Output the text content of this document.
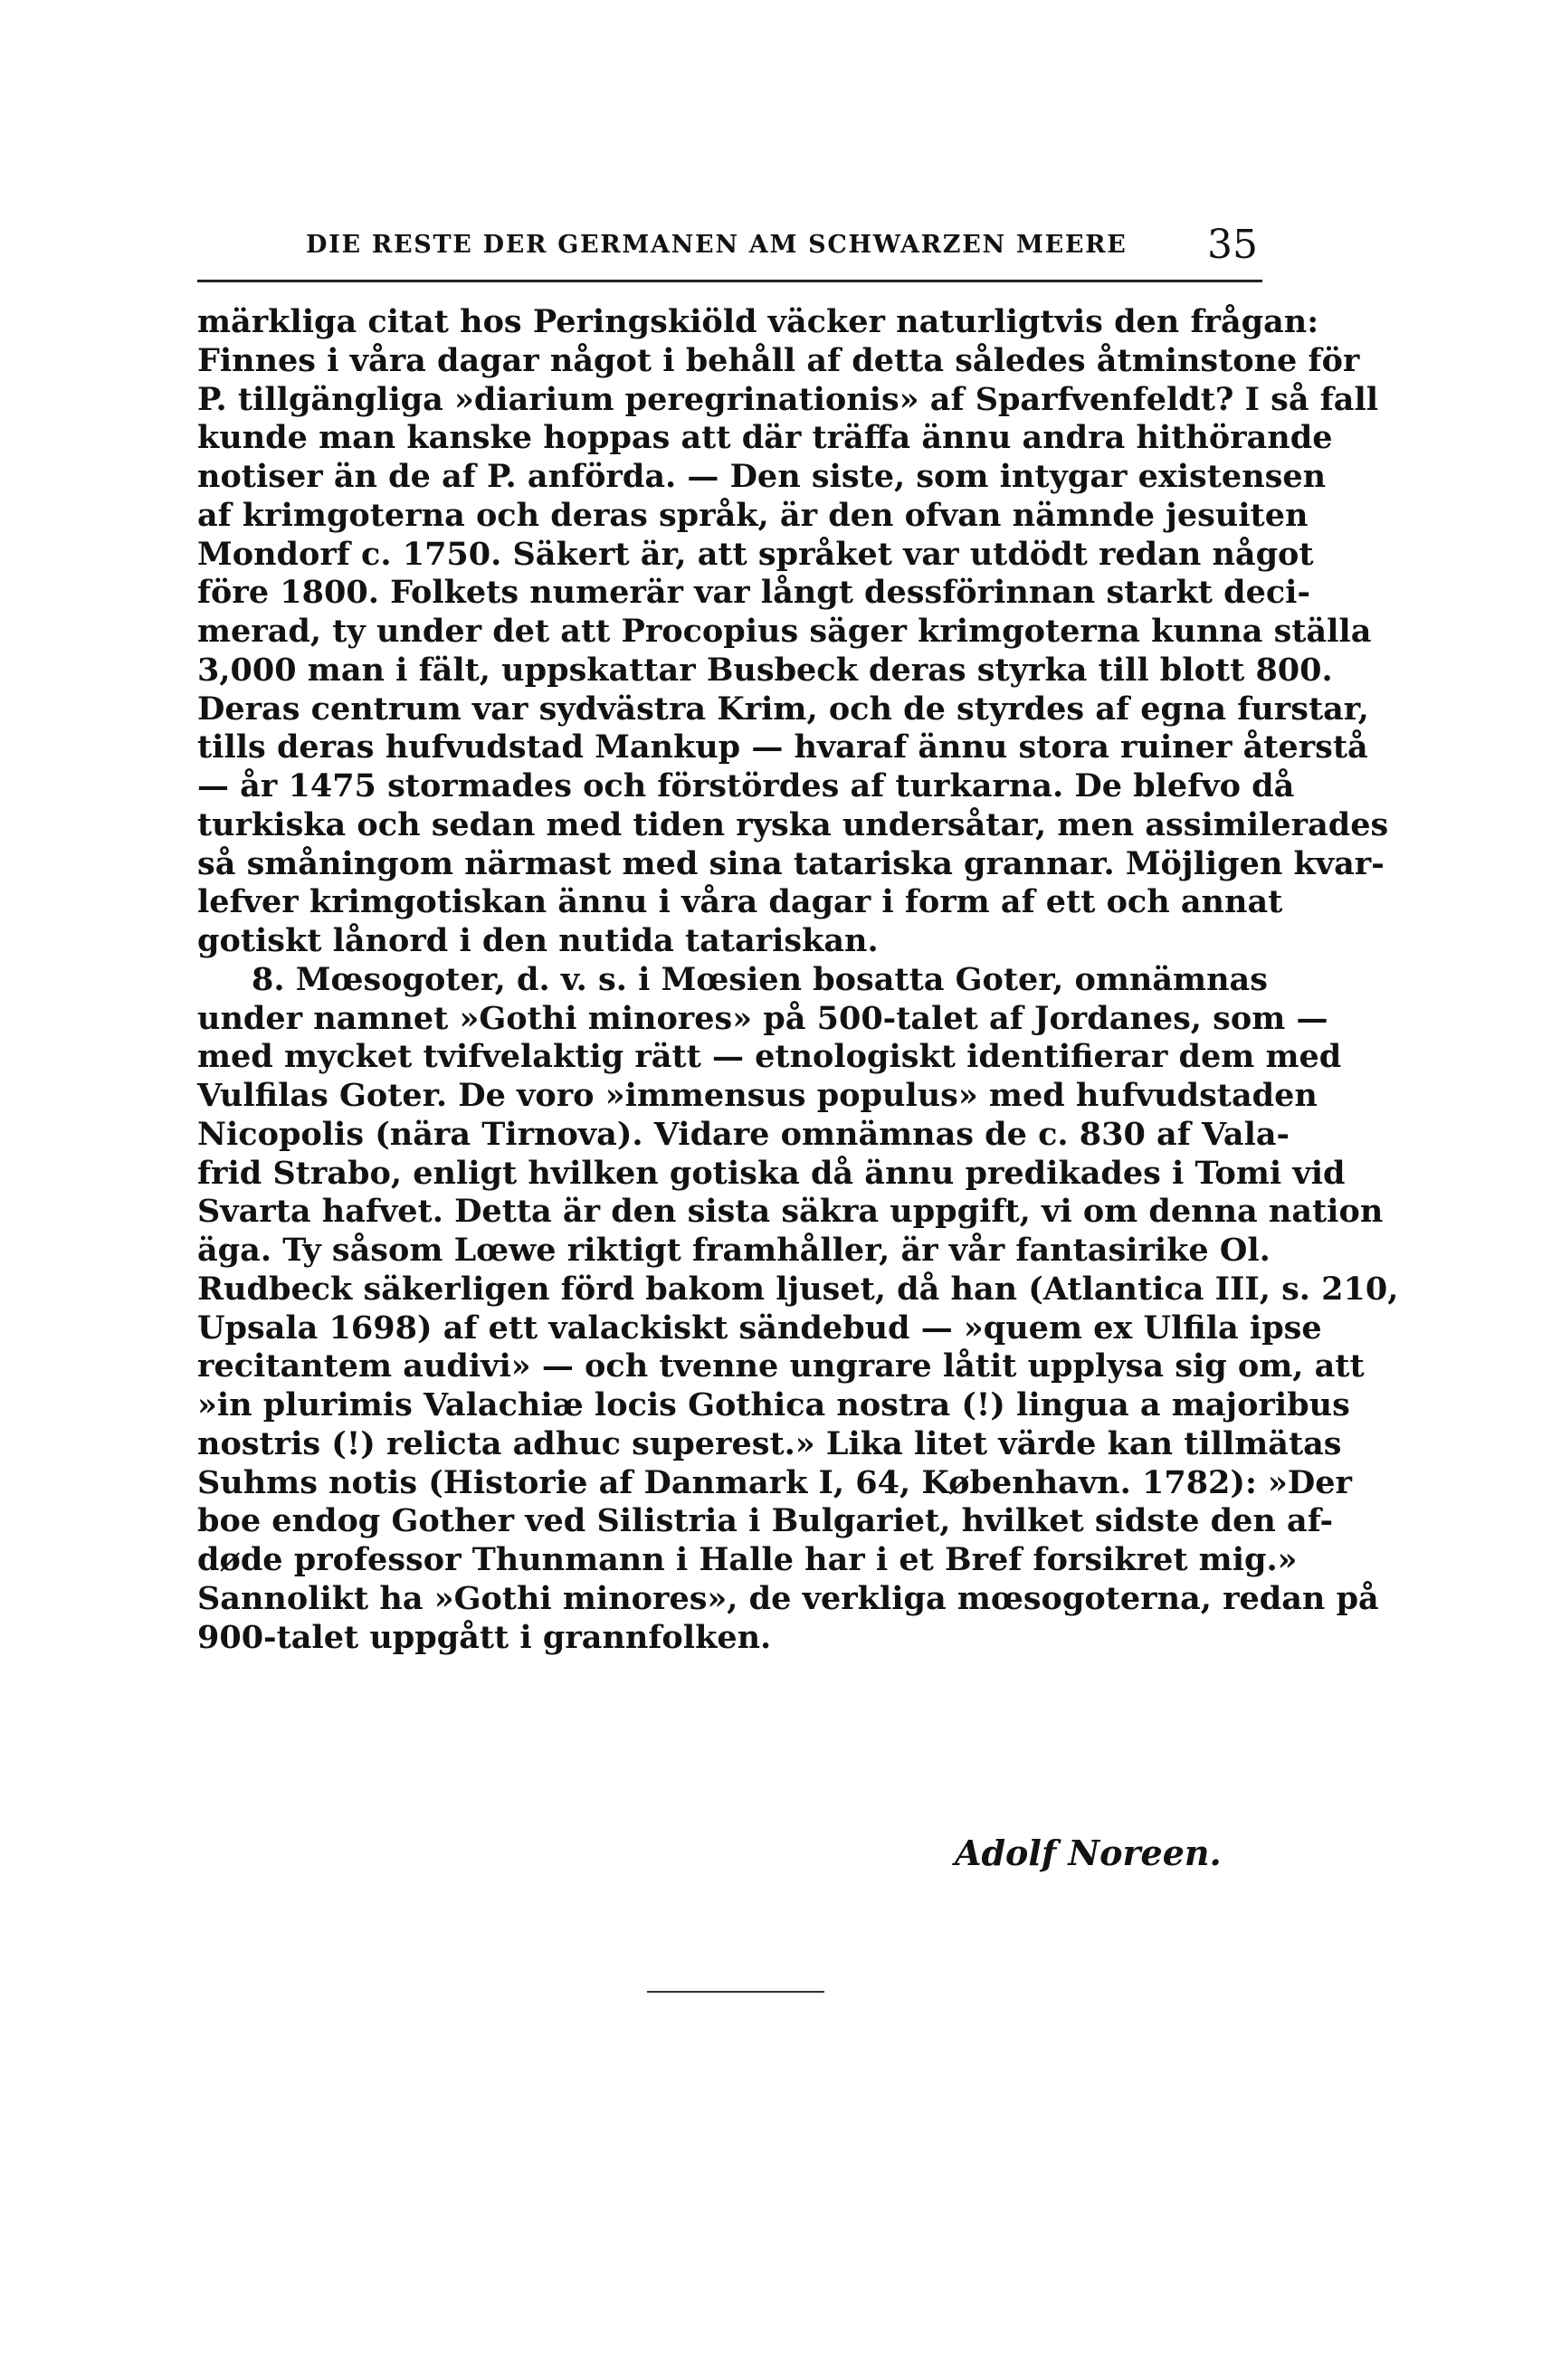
DIE RESTE DER GERMANEN AM SCHWARZEN MEERE 35
märkliga citat hos Peringskiöld väcker naturligtvis den frågan:
Finnes i våra dagar något i behåll af detta således åtminstone för
P. tillgängliga »diarium peregrinationis» af Sparfvenfeldt? I så fall
kunde man kanske hoppas att där träffa ännu andra hithörande
notiser än de af P. anförda. — Den siste, som intygar existensen
af krimgoterna och deras språk, är den ofvan nämnde jesuiten
Mondorf c. 1750. Säkert är, att språket var utdödt redan något
före 1800. Folkets numerär var långt dessförinnan starkt deci-
merad, ty under det att Procopius säger krimgoterna kunna ställa
3,000 man i fält, uppskattar Busbeck deras styrka till blott 800.
Deras centrum var sydvästra Krim, och de styrdes af egna furstar,
tills deras hufvudstad Mankup — hvaraf ännu stora ruiner återstå
— år 1475 stormades och förstördes af turkarna. De blefvo då
turkiska och sedan med tiden ryska undersåtar, men assimilerades
så småningom närmast med sina tatariska grannar. Möjligen kvar-
lefver krimgotiskan ännu i våra dagar i form af ett och annat
gotiskt lånord i den nutida tatariskan.
8. Mœsogoter, d. v. s. i Mœsien bosatta Goter, omnämnas
under namnet »Gothi minores» på 500-talet af Jordanes, som —
med mycket tvifvelaktig rätt — etnologiskt identifierar dem med
Vulfilas Goter. De voro »immensus populus» med hufvudstaden
Nicopolis (nära Tirnova). Vidare omnämnas de c. 830 af Vala-
frid Strabo, enligt hvilken gotiska då ännu predikades i Tomi vid
Svarta hafvet. Detta är den sista säkra uppgift, vi om denna nation
äga. Ty såsom Lœwe riktigt framhåller, är vår fantasirike Ol.
Rudbeck säkerligen förd bakom ljuset, då han (Atlantica III, s. 210,
Upsala 1698) af ett valackiskt sändebud — »quem ex Ulfila ipse
recitantem audivi» — och tvenne ungrare låtit upplysa sig om, att
»in plurimis Valachiæ locis Gothica nostra (!) lingua a majoribus
nostris (!) relicta adhuc superest.» Lika litet värde kan tillmätas
Suhms notis (Historie af Danmark I, 64, København. 1782): »Der
boe endog Gother ved Silistria i Bulgariet, hvilket sidste den af-
døde professor Thunmann i Halle har i et Bref forsikret mig.»
Sannolikt ha »Gothi minores», de verkliga mœsogoterna, redan på
900-talet uppgått i grannfolken.
Adolf Noreen.
